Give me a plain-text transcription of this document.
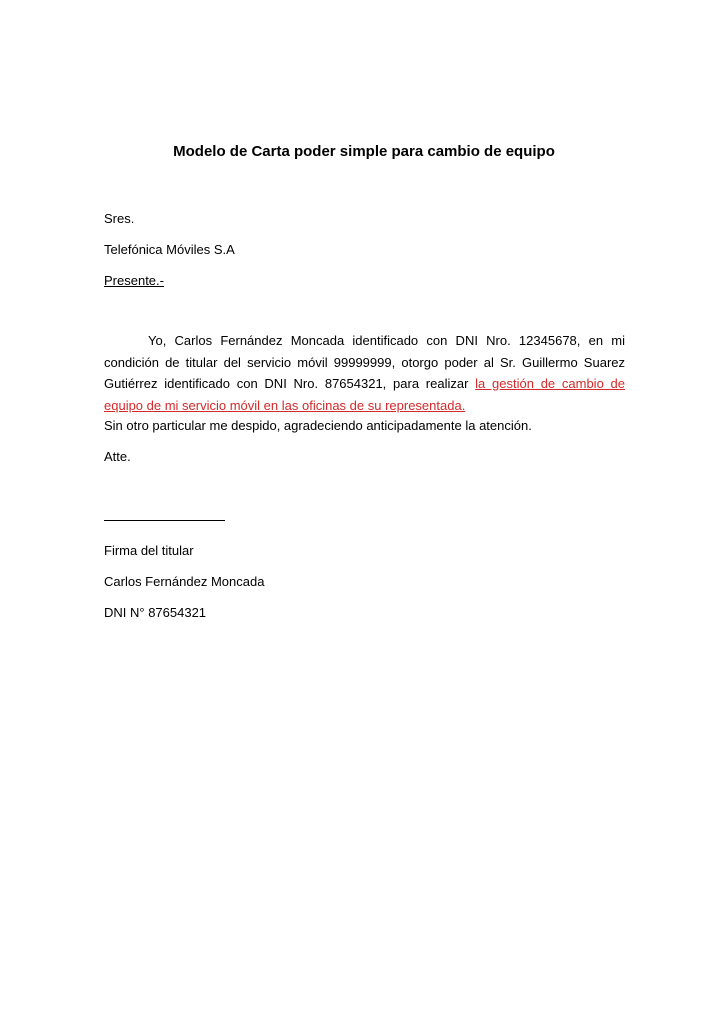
Modelo de Carta poder simple para cambio de equipo
Sres.
Telefónica Móviles S.A
Presente.-
Yo, Carlos Fernández Moncada identificado con DNI Nro. 12345678, en mi condición de titular del servicio móvil 99999999, otorgo poder al Sr. Guillermo Suarez Gutiérrez identificado con DNI Nro. 87654321, para realizar la gestión de cambio de equipo de mi servicio móvil en las oficinas de su representada.
Sin otro particular me despido, agradeciendo anticipadamente la atención.
Atte.
Firma del titular
Carlos Fernández Moncada
DNI N° 87654321
